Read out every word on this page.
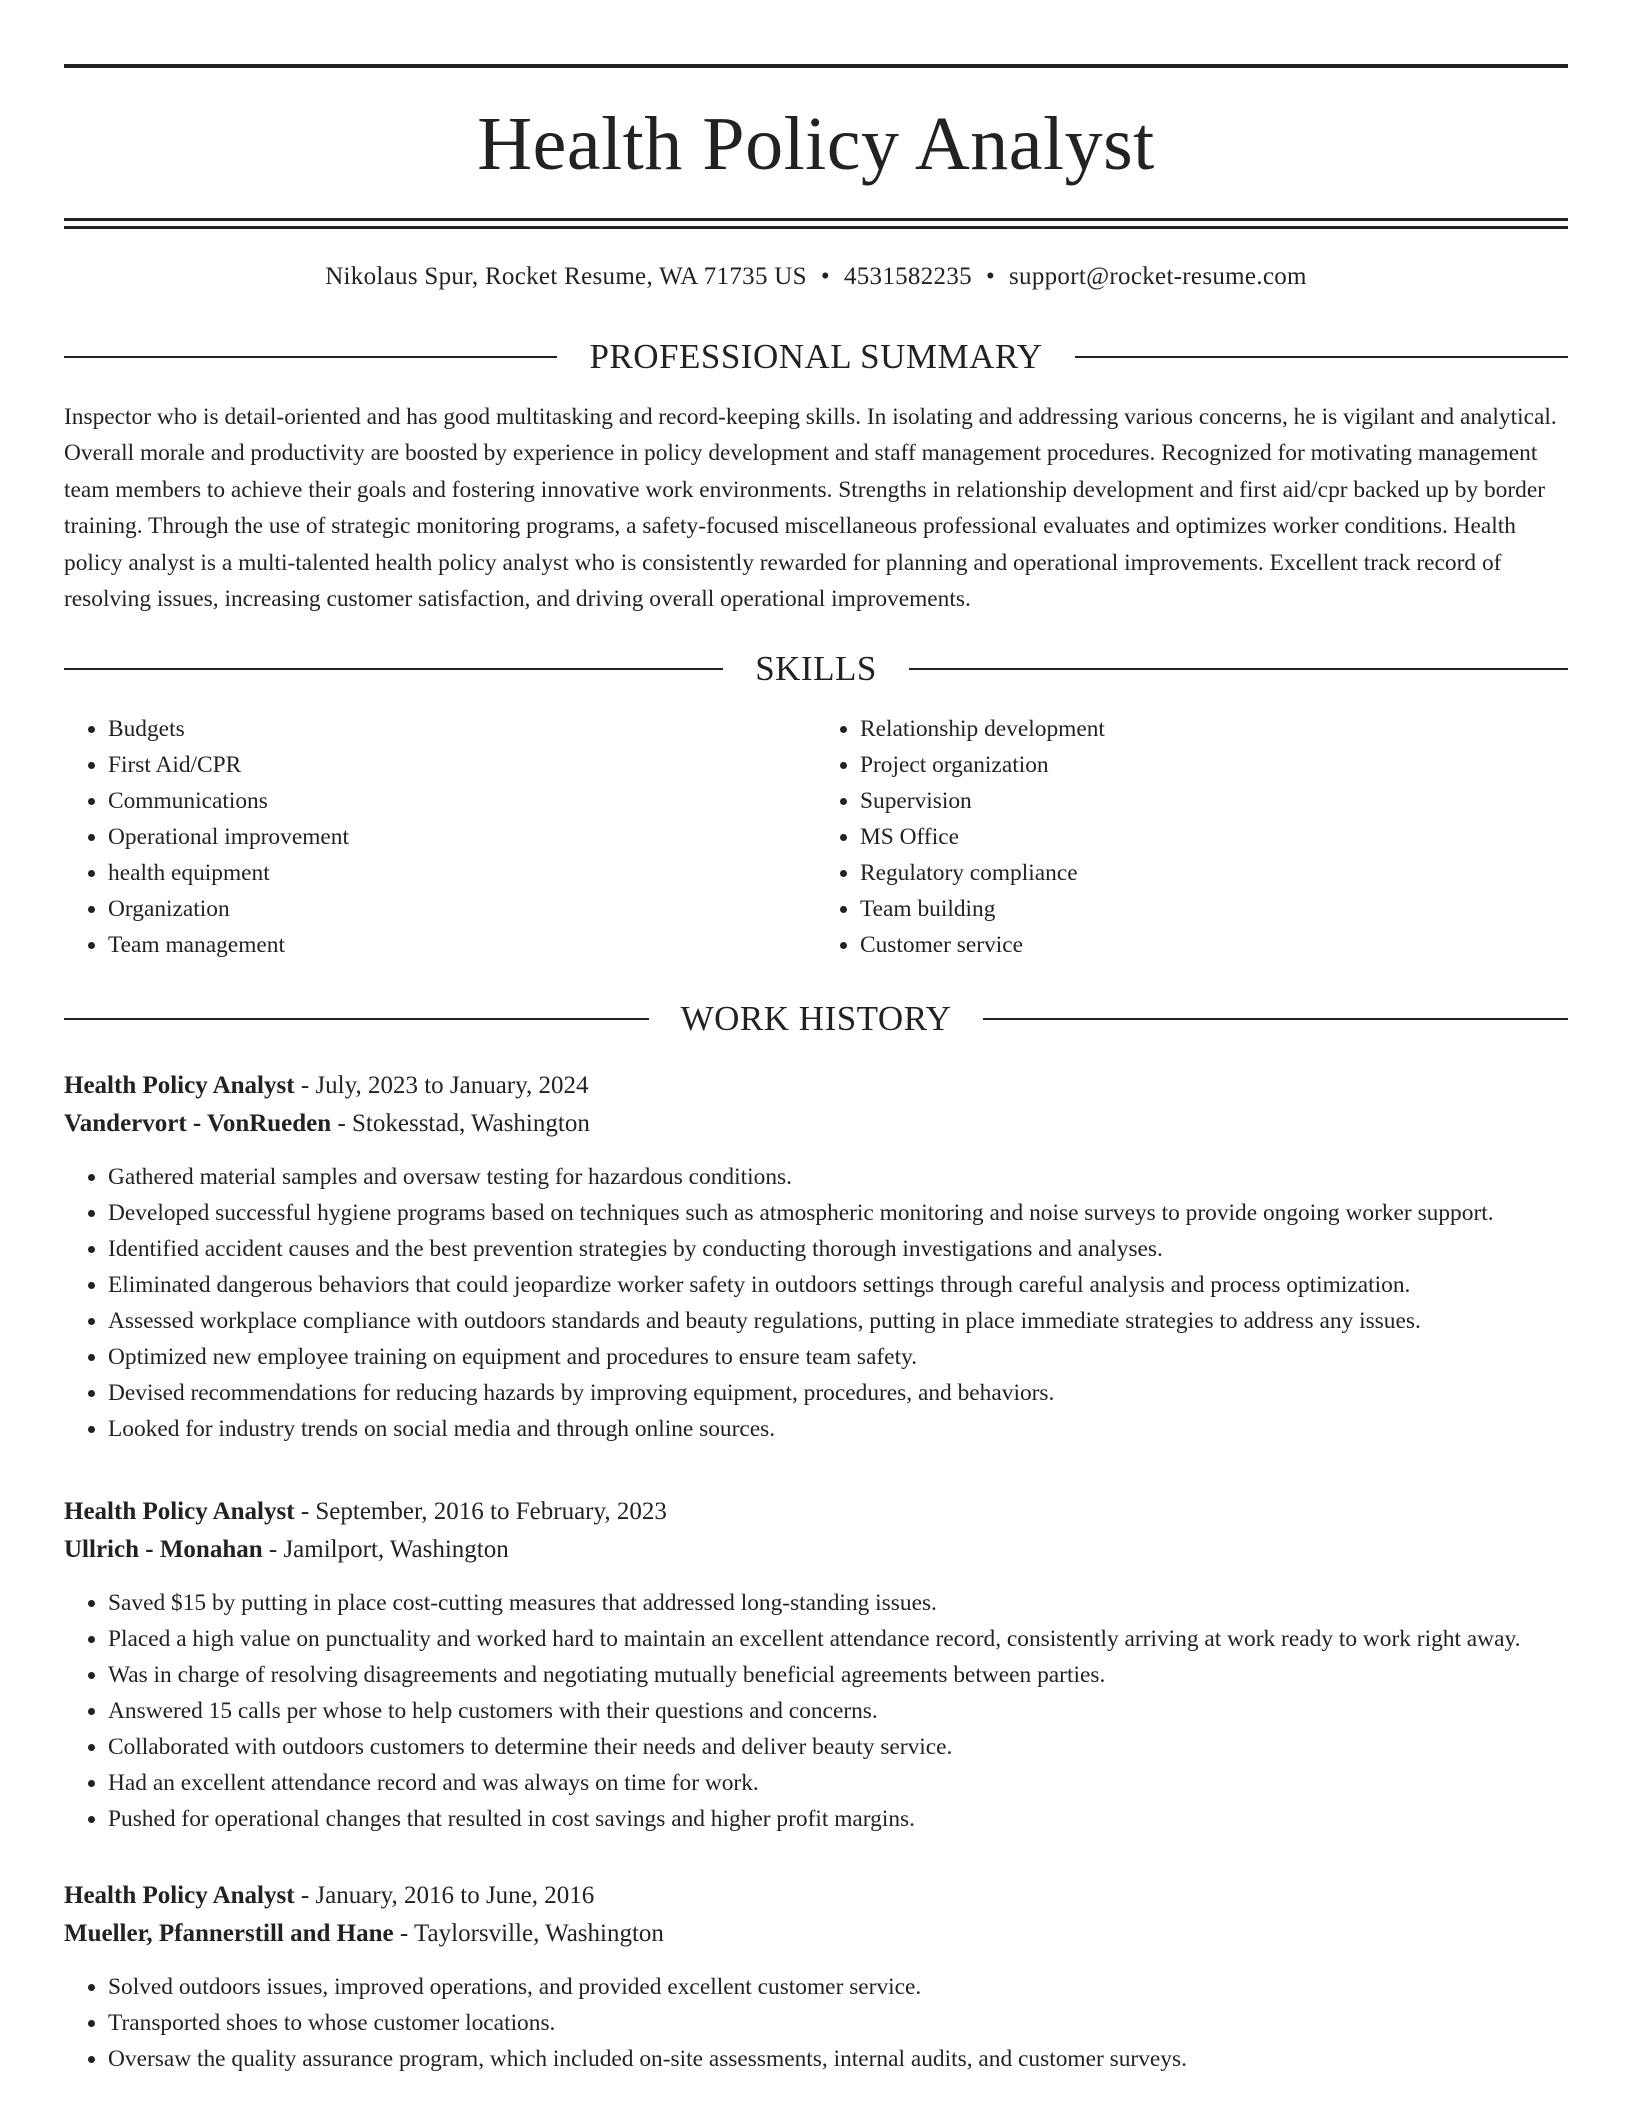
Health Policy Analyst
Nikolaus Spur, Rocket Resume, WA 71735 US • 4531582235 • support@rocket-resume.com
PROFESSIONAL SUMMARY

Inspector who is detail-oriented and has good multitasking and record-keeping skills. In isolating and addressing various concerns, he is vigilant and analytical. Overall morale and productivity are boosted by experience in policy development and staff management procedures. Recognized for motivating management team members to achieve their goals and fostering innovative work environments. Strengths in relationship development and first aid/cpr backed up by border training. Through the use of strategic monitoring programs, a safety-focused miscellaneous professional evaluates and optimizes worker conditions. Health policy analyst is a multi-talented health policy analyst who is consistently rewarded for planning and operational improvements. Excellent track record of resolving issues, increasing customer satisfaction, and driving overall operational improvements.

SKILLS
• Budgets
• First Aid/CPR
• Communications
• Operational improvement
• health equipment
• Organization
• Team management
• Relationship development
• Project organization
• Supervision
• MS Office
• Regulatory compliance
• Team building
• Customer service
WORK HISTORY
Health Policy Analyst - July, 2023 to January, 2024
Vandervort - VonRueden - Stokesstad, Washington
• Gathered material samples and oversaw testing for hazardous conditions.
• Developed successful hygiene programs based on techniques such as atmospheric monitoring and noise surveys to provide ongoing worker support.
• Identified accident causes and the best prevention strategies by conducting thorough investigations and analyses.
• Eliminated dangerous behaviors that could jeopardize worker safety in outdoors settings through careful analysis and process optimization.
• Assessed workplace compliance with outdoors standards and beauty regulations, putting in place immediate strategies to address any issues.
• Optimized new employee training on equipment and procedures to ensure team safety.
• Devised recommendations for reducing hazards by improving equipment, procedures, and behaviors.
• Looked for industry trends on social media and through online sources.
Health Policy Analyst - September, 2016 to February, 2023
Ullrich - Monahan - Jamilport, Washington
• Saved $15 by putting in place cost-cutting measures that addressed long-standing issues.
• Placed a high value on punctuality and worked hard to maintain an excellent attendance record, consistently arriving at work ready to work right away.
• Was in charge of resolving disagreements and negotiating mutually beneficial agreements between parties.
• Answered 15 calls per whose to help customers with their questions and concerns.
• Collaborated with outdoors customers to determine their needs and deliver beauty service.
• Had an excellent attendance record and was always on time for work.
• Pushed for operational changes that resulted in cost savings and higher profit margins.
Health Policy Analyst - January, 2016 to June, 2016
Mueller, Pfannerstill and Hane - Taylorsville, Washington
• Solved outdoors issues, improved operations, and provided excellent customer service.
• Transported shoes to whose customer locations.
• Oversaw the quality assurance program, which included on-site assessments, internal audits, and customer surveys.
